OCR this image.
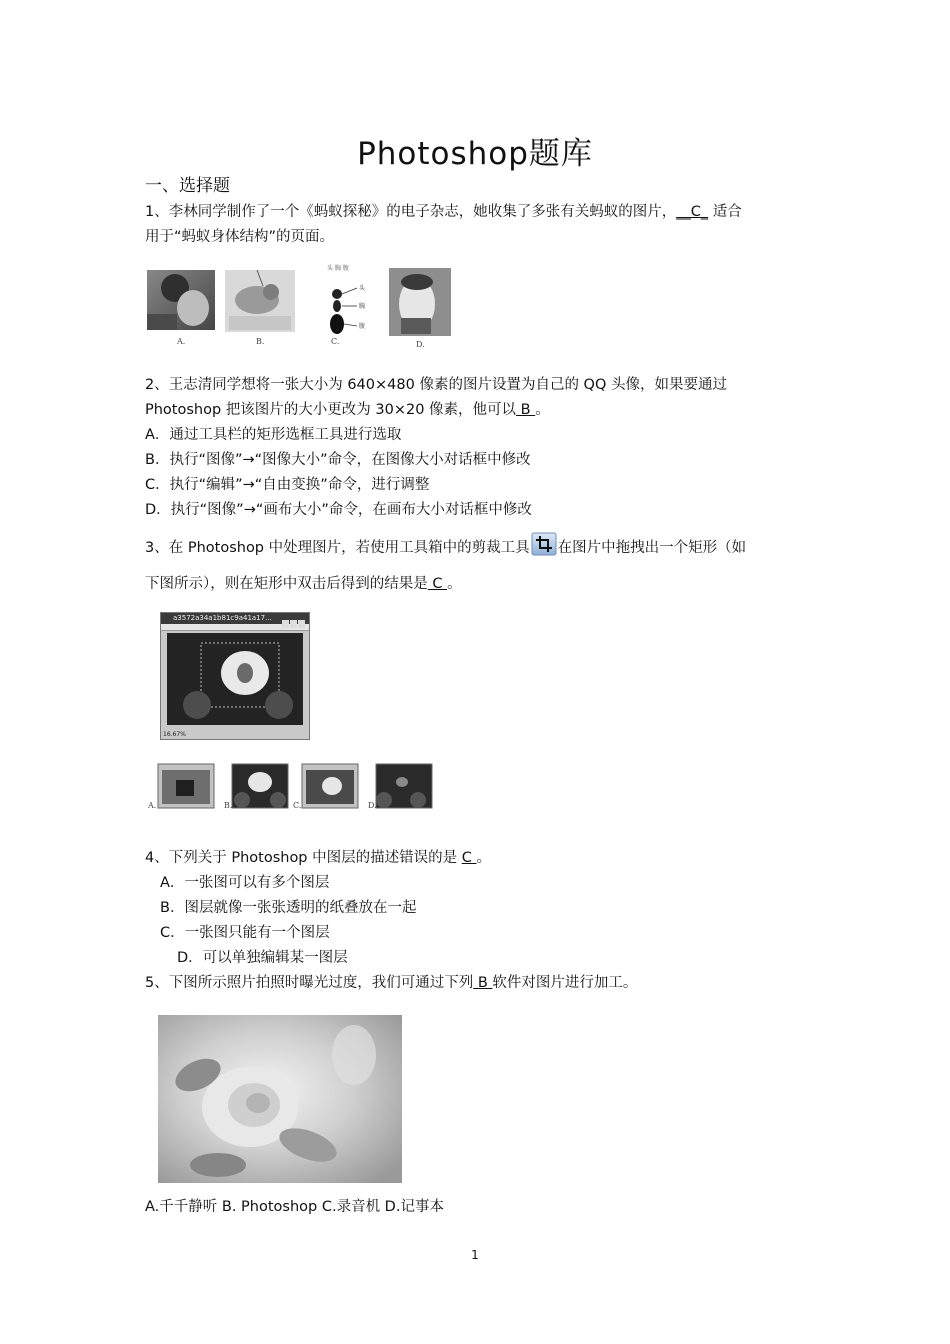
Photoshop题库
一、选择题
1、李林同学制作了一个《蚂蚁探秘》的电子杂志，她收集了多张有关蚂蚁的图片，__C_ 适合
用于“蚂蚁身体结构”的页面。
头 胸 腹
头
胸
腹
A.	B.	C.	D.
2、王志清同学想将一张大小为 640×480 像素的图片设置为自己的 QQ 头像，如果要通过
Photoshop 把该图片的大小更改为 30×20 像素，他可以 B 。
A．通过工具栏的矩形选框工具进行选取
B．执行“图像”→“图像大小”命令，在图像大小对话框中修改
C．执行“编辑”→“自由变换”命令，进行调整
D．执行“图像”→“画布大小”命令，在画布大小对话框中修改
3、在 Photoshop 中处理图片，若使用工具箱中的剪裁工具 在图片中拖拽出一个矩形（如
下图所示），则在矩形中双击后得到的结果是 C 。
a3572a34a1b81c9a41a17...
16.67%
A.	B.	C.	D.
4、下列关于 Photoshop 中图层的描述错误的是 C 。
A．一张图可以有多个图层
B．图层就像一张张透明的纸叠放在一起
C．一张图只能有一个图层
D．可以单独编辑某一图层
5、下图所示照片拍照时曝光过度，我们可通过下列 B 软件对图片进行加工。
A.千千静听 B. Photoshop C.录音机 D.记事本
1
